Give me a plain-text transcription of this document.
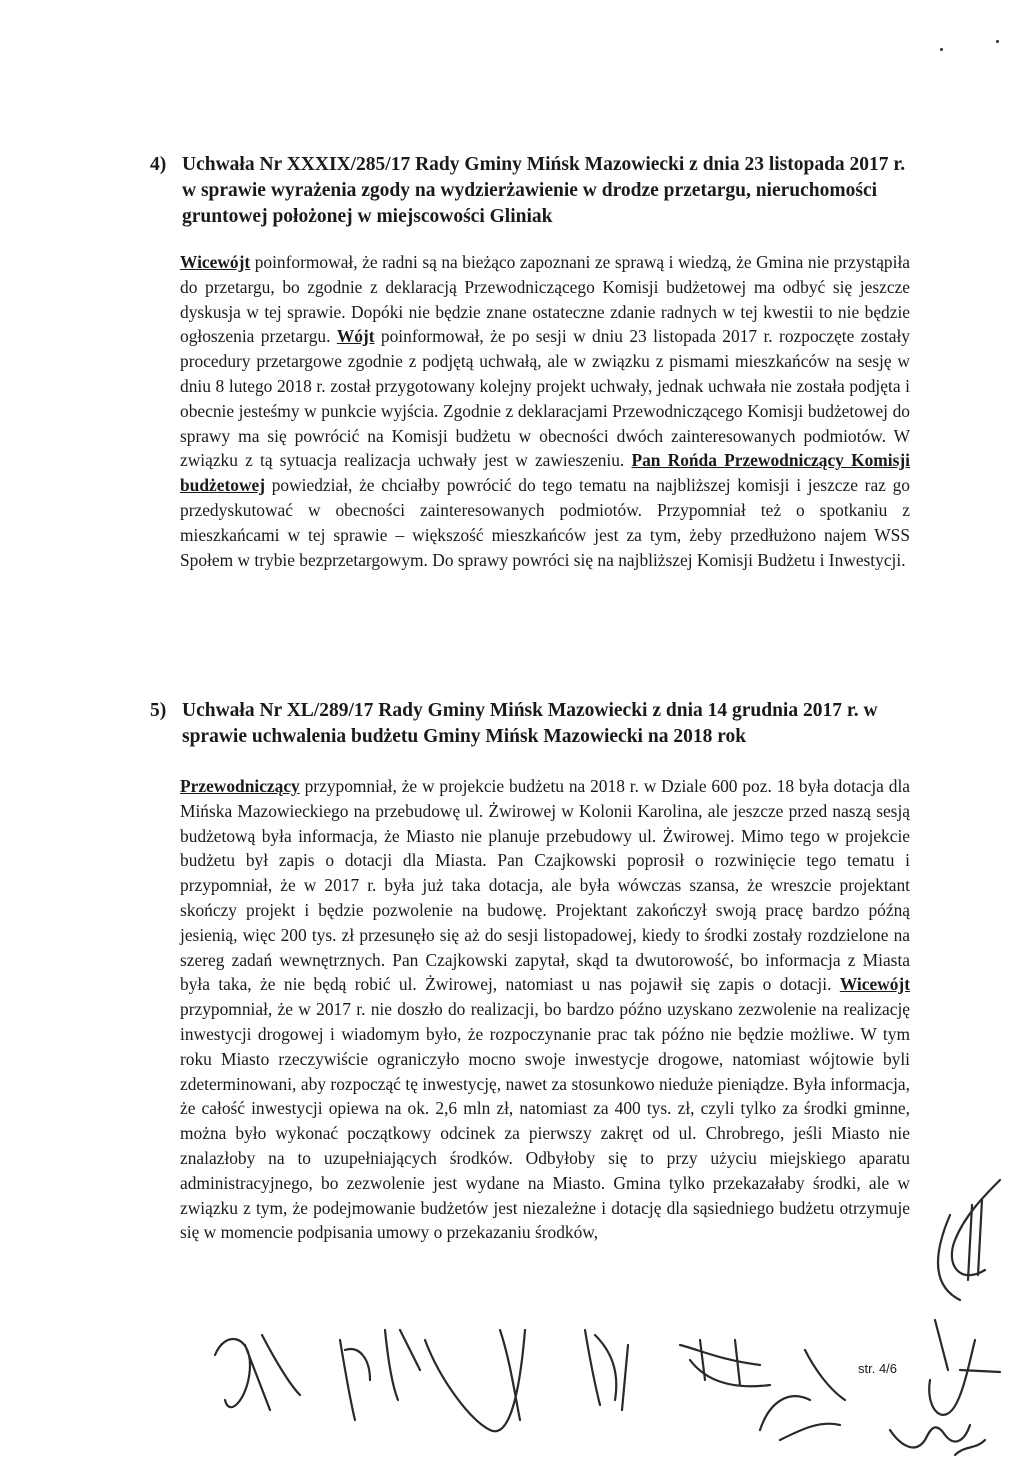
4) Uchwała Nr XXXIX/285/17 Rady Gminy Mińsk Mazowiecki z dnia 23 listopada 2017 r. w sprawie wyrażenia zgody na wydzierżawienie w drodze przetargu, nieruchomości gruntowej położonej w miejscowości Gliniak

Wicewójt poinformował, że radni są na bieżąco zapoznani ze sprawą i wiedzą, że Gmina nie przystąpiła do przetargu, bo zgodnie z deklaracją Przewodniczącego Komisji budżetowej ma odbyć się jeszcze dyskusja w tej sprawie. Dopóki nie będzie znane ostateczne zdanie radnych w tej kwestii to nie będzie ogłoszenia przetargu. Wójt poinformował, że po sesji w dniu 23 listopada 2017 r. rozpoczęte zostały procedury przetargowe zgodnie z podjętą uchwałą, ale w związku z pismami mieszkańców na sesję w dniu 8 lutego 2018 r. został przygotowany kolejny projekt uchwały, jednak uchwała nie została podjęta i obecnie jesteśmy w punkcie wyjścia. Zgodnie z deklaracjami Przewodniczącego Komisji budżetowej do sprawy ma się powrócić na Komisji budżetu w obecności dwóch zainteresowanych podmiotów. W związku z tą sytuacja realizacja uchwały jest w zawieszeniu. Pan Rońda Przewodniczący Komisji budżetowej powiedział, że chciałby powrócić do tego tematu na najbliższej komisji i jeszcze raz go przedyskutować w obecności zainteresowanych podmiotów. Przypomniał też o spotkaniu z mieszkańcami w tej sprawie – większość mieszkańców jest za tym, żeby przedłużono najem WSS Społem w trybie bezprzetargowym. Do sprawy powróci się na najbliższej Komisji Budżetu i Inwestycji.

5) Uchwała Nr XL/289/17 Rady Gminy Mińsk Mazowiecki z dnia 14 grudnia 2017 r. w sprawie uchwalenia budżetu Gminy Mińsk Mazowiecki na 2018 rok

Przewodniczący przypomniał, że w projekcie budżetu na 2018 r. w Dziale 600 poz. 18 była dotacja dla Mińska Mazowieckiego na przebudowę ul. Żwirowej w Kolonii Karolina, ale jeszcze przed naszą sesją budżetową była informacja, że Miasto nie planuje przebudowy ul. Żwirowej. Mimo tego w projekcie budżetu był zapis o dotacji dla Miasta. Pan Czajkowski poprosił o rozwinięcie tego tematu i przypomniał, że w 2017 r. była już taka dotacja, ale była wówczas szansa, że wreszcie projektant skończy projekt i będzie pozwolenie na budowę. Projektant zakończył swoją pracę bardzo późną jesienią, więc 200 tys. zł przesunęło się aż do sesji listopadowej, kiedy to środki zostały rozdzielone na szereg zadań wewnętrznych. Pan Czajkowski zapytał, skąd ta dwutorowość, bo informacja z Miasta była taka, że nie będą robić ul. Żwirowej, natomiast u nas pojawił się zapis o dotacji. Wicewójt przypomniał, że w 2017 r. nie doszło do realizacji, bo bardzo późno uzyskano zezwolenie na realizację inwestycji drogowej i wiadomym było, że rozpoczynanie prac tak późno nie będzie możliwe. W tym roku Miasto rzeczywiście ograniczyło mocno swoje inwestycje drogowe, natomiast wójtowie byli zdeterminowani, aby rozpocząć tę inwestycję, nawet za stosunkowo nieduże pieniądze. Była informacja, że całość inwestycji opiewa na ok. 2,6 mln zł, natomiast za 400 tys. zł, czyli tylko za środki gminne, można było wykonać początkowy odcinek za pierwszy zakręt od ul. Chrobrego, jeśli Miasto nie znalazłoby na to uzupełniających środków. Odbyłoby się to przy użyciu miejskiego aparatu administracyjnego, bo zezwolenie jest wydane na Miasto. Gmina tylko przekazałaby środki, ale w związku z tym, że podejmowanie budżetów jest niezależne i dotację dla sąsiedniego budżetu otrzymuje się w momencie podpisania umowy o przekazaniu środków,

str. 4/6
